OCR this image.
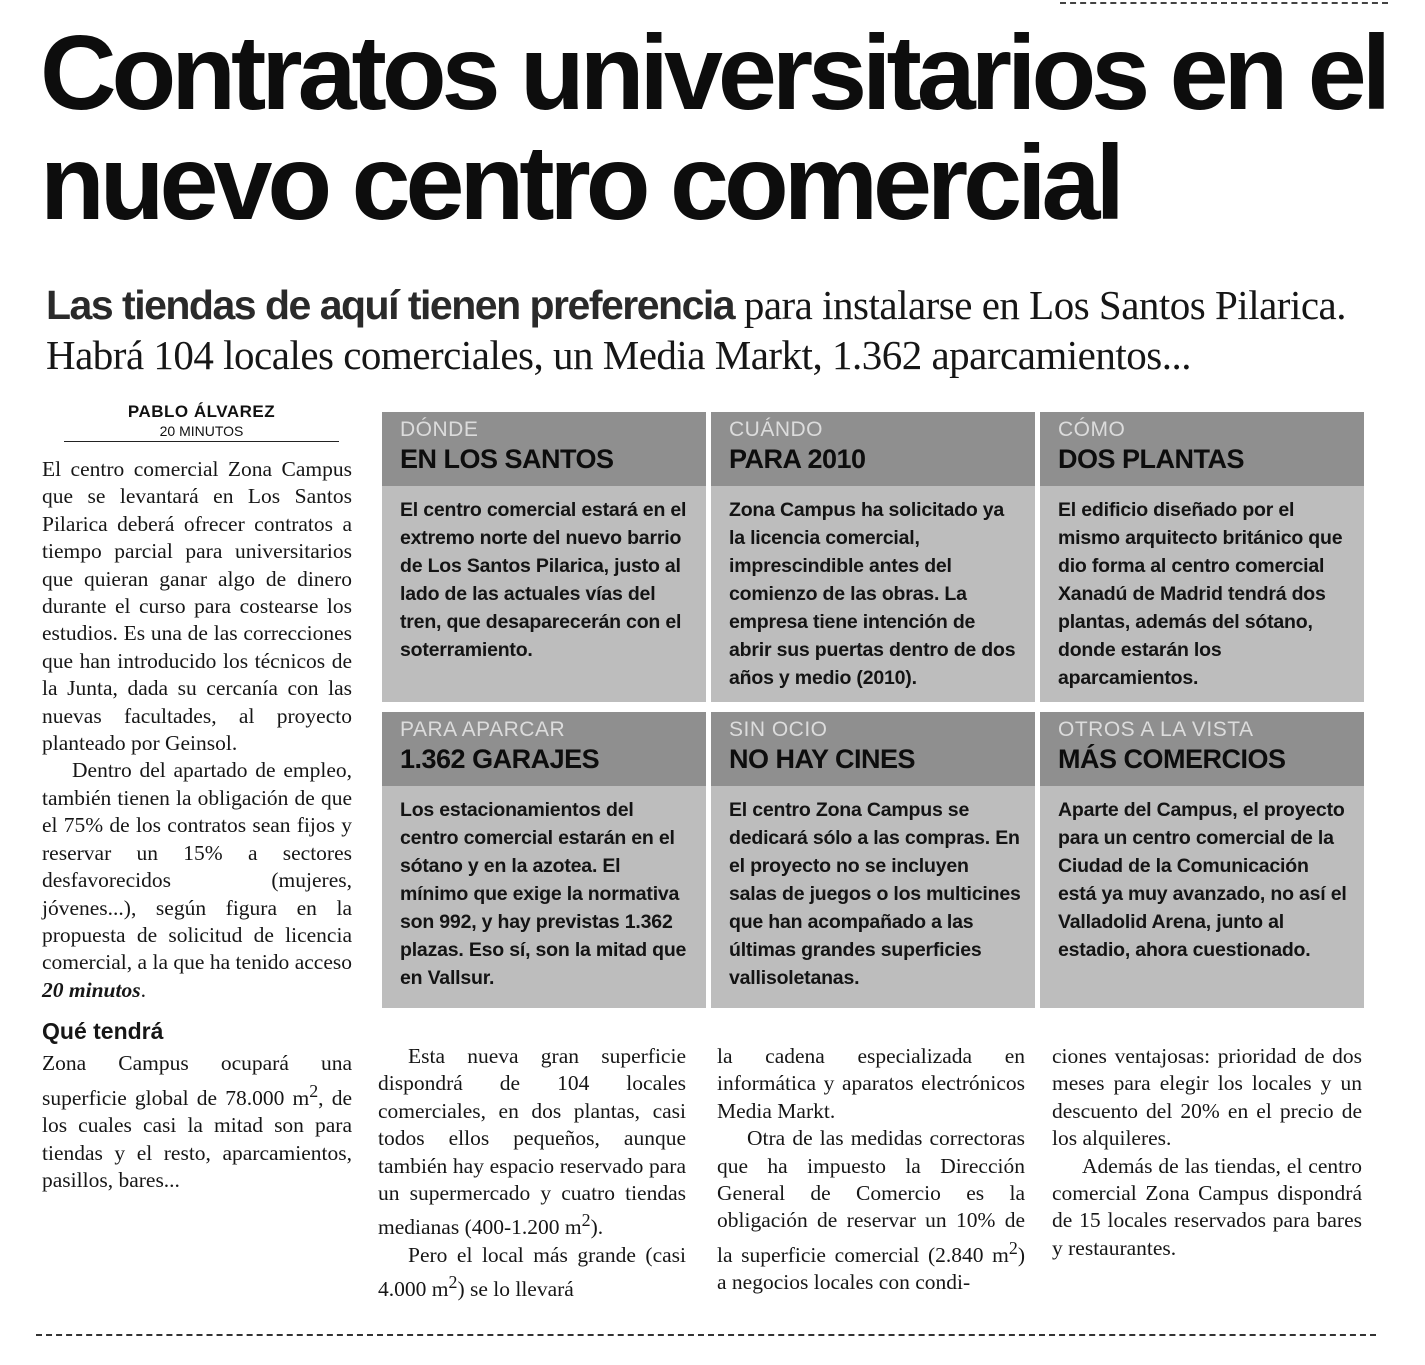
Contratos universitarios en el nuevo centro comercial
Las tiendas de aquí tienen preferencia para instalarse en Los Santos Pilarica. Habrá 104 locales comerciales, un Media Markt, 1.362 aparcamientos...
PABLO ÁLVAREZ
20 MINUTOS

El centro comercial Zona Campus que se levantará en Los Santos Pilarica deberá ofrecer contratos a tiempo parcial para universitarios que quieran ganar algo de dinero durante el curso para costearse los estudios. Es una de las correcciones que han introducido los técnicos de la Junta, dada su cercanía con las nuevas facultades, al proyecto planteado por Geinsol.

Dentro del apartado de empleo, también tienen la obligación de que el 75% de los contratos sean fijos y reservar un 15% a sectores desfavorecidos (mujeres, jóvenes...), según figura en la propuesta de solicitud de licencia comercial, a la que ha tenido acceso 20 minutos.

Qué tendrá

Zona Campus ocupará una superficie global de 78.000 $m^2$, de los cuales casi la mitad son para tiendas y el resto, aparcamientos, pasillos, bares...

DÓNDE
EN LOS SANTOS
El centro comercial estará en el extremo norte del nuevo barrio de Los Santos Pilarica, justo al lado de las actuales vías del tren, que desaparecerán con el soterramiento.
CUÁNDO
PARA 2010
Zona Campus ha solicitado ya la licencia comercial, imprescindible antes del comienzo de las obras. La empresa tiene intención de abrir sus puertas dentro de dos años y medio (2010).
CÓMO
DOS PLANTAS
El edificio diseñado por el mismo arquitecto británico que dio forma al centro comercial Xanadú de Madrid tendrá dos plantas, además del sótano, donde estarán los aparcamientos.
PARA APARCAR
1.362 GARAJES
Los estacionamientos del centro comercial estarán en el sótano y en la azotea. El mínimo que exige la normativa son 992, y hay previstas 1.362 plazas. Eso sí, son la mitad que en Vallsur.
SIN OCIO
NO HAY CINES
El centro Zona Campus se dedicará sólo a las compras. En el proyecto no se incluyen salas de juegos o los multicines que han acompañado a las últimas grandes superficies vallisoletanas.
OTROS A LA VISTA
MÁS COMERCIOS
Aparte del Campus, el proyecto para un centro comercial de la Ciudad de la Comunicación está ya muy avanzado, no así el Valladolid Arena, junto al estadio, ahora cuestionado.

Esta nueva gran superficie dispondrá de 104 locales comerciales, en dos plantas, casi todos ellos pequeños, aunque también hay espacio reservado para un supermercado y cuatro tiendas medianas (400-1.200 $m^2$).

Pero el local más grande (casi 4.000 $m^2$) se lo llevará

la cadena especializada en informática y aparatos electrónicos Media Markt.

Otra de las medidas correctoras que ha impuesto la Dirección General de Comercio es la obligación de reservar un 10% de la superficie comercial (2.840 $m^2$) a negocios locales con condi-

ciones ventajosas: prioridad de dos meses para elegir los locales y un descuento del 20% en el precio de los alquileres.

Además de las tiendas, el centro comercial Zona Campus dispondrá de 15 locales reservados para bares y restaurantes.
